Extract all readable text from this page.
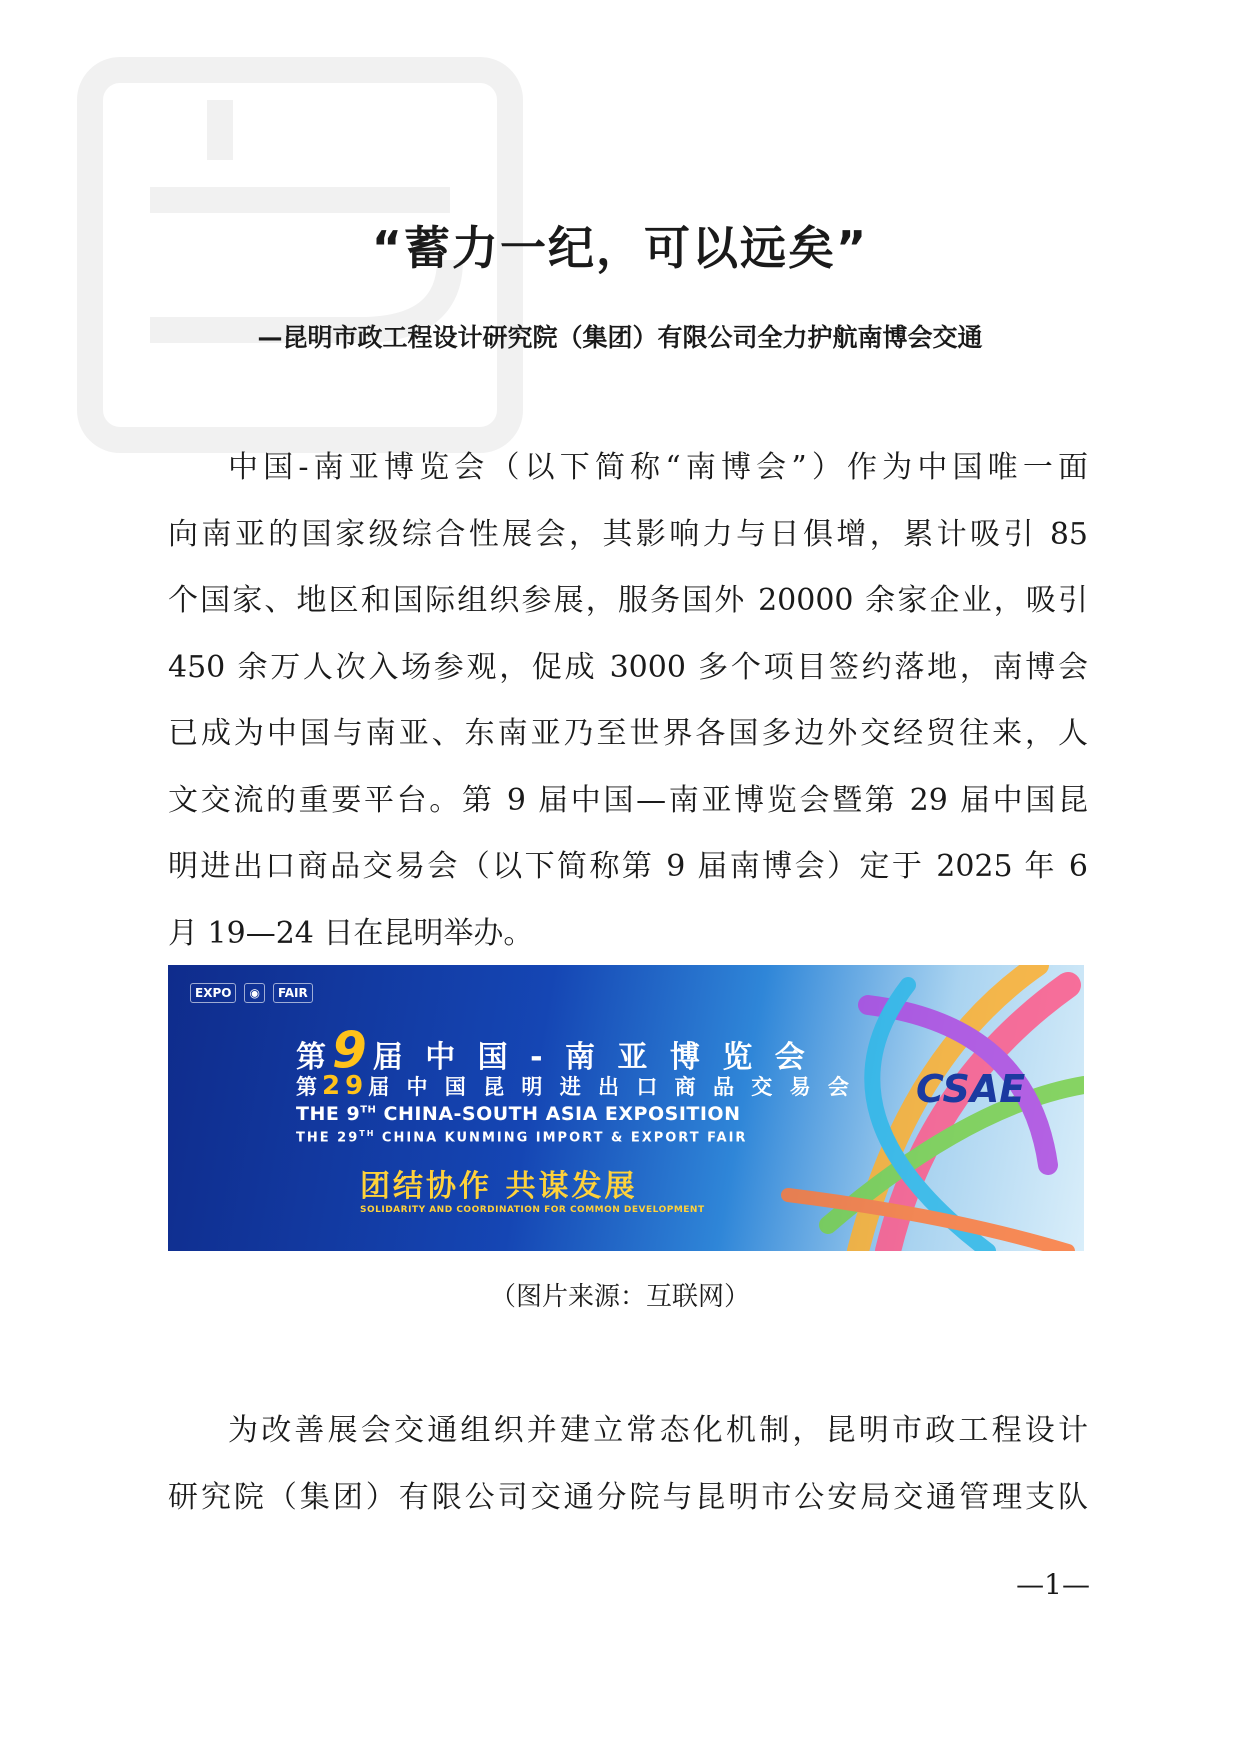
“蓄力一纪，可以远矣”
—昆明市政工程设计研究院（集团）有限公司全力护航南博会交通
中国-南亚博览会（以下简称“南博会”）作为中国唯一面
向南亚的国家级综合性展会，其影响力与日俱增，累计吸引 85
个国家、地区和国际组织参展，服务国外 20000 余家企业，吸引
450 余万人次入场参观，促成 3000 多个项目签约落地，南博会
已成为中国与南亚、东南亚乃至世界各国多边外交经贸往来，人
文交流的重要平台。第 9 届中国—南亚博览会暨第 29 届中国昆
明进出口商品交易会（以下简称第 9 届南博会）定于 2025 年 6
月 19—24 日在昆明举办。
EXPO	◉	FAIR
第9届 中 国 - 南 亚 博 览 会
第29届 中 国 昆 明 进 出 口 商 品 交 易 会
THE 9TH CHINA-SOUTH ASIA EXPOSITION
THE 29TH CHINA KUNMING IMPORT & EXPORT FAIR
团结协作 共谋发展
SOLIDARITY AND COORDINATION FOR COMMON DEVELOPMENT
CSAE

（图片来源：互联网）

为改善展会交通组织并建立常态化机制，昆明市政工程设计
研究院（集团）有限公司交通分院与昆明市公安局交通管理支队

—1—
